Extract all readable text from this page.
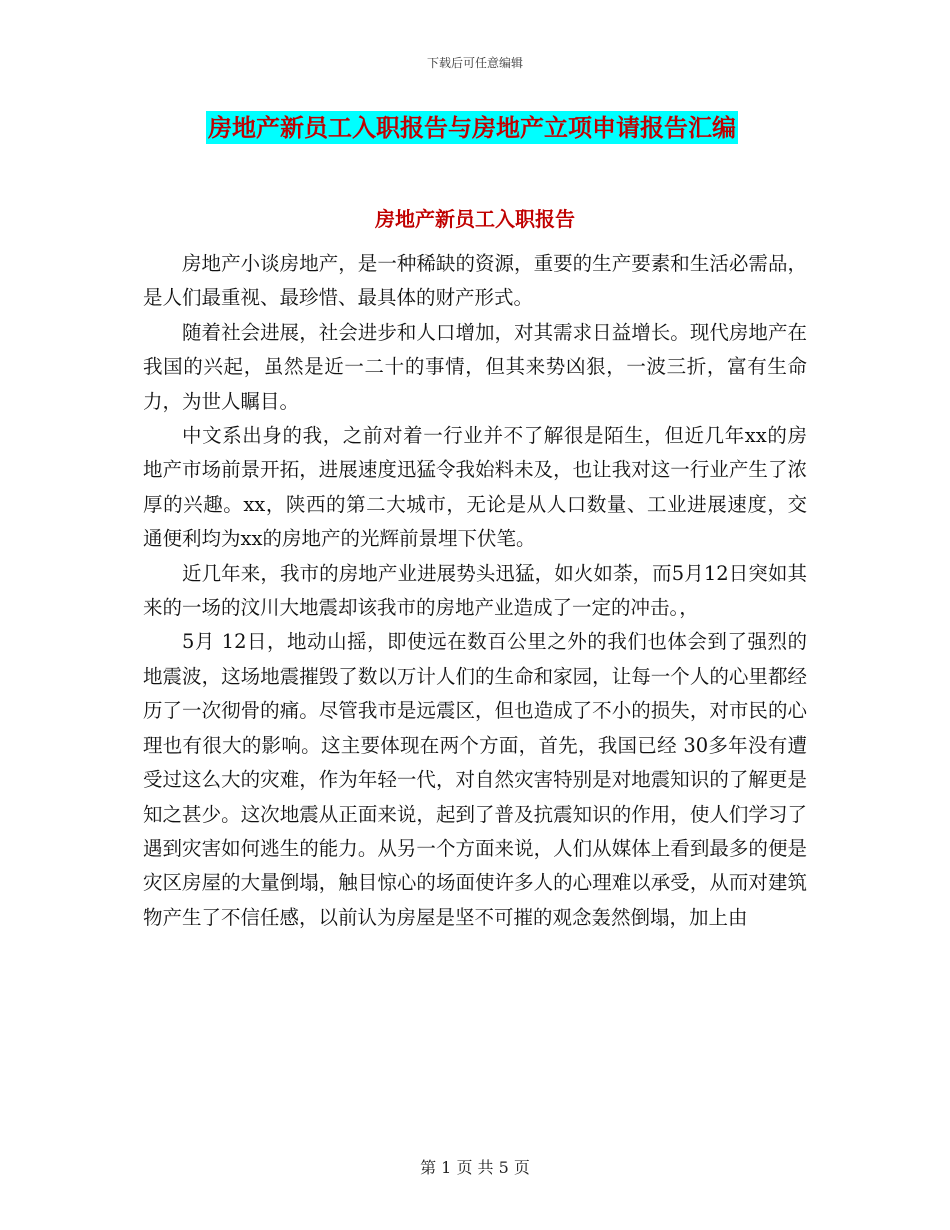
下载后可任意编辑
房地产新员工入职报告与房地产立项申请报告汇编
房地产新员工入职报告

房地产小谈房地产，是一种稀缺的资源，重要的生产要素和生活必需品，是人们最重视、最珍惜、最具体的财产形式。

随着社会进展，社会进步和人口增加，对其需求日益增长。现代房地产在我国的兴起，虽然是近一二十的事情，但其来势凶狠，一波三折，富有生命力，为世人瞩目。

中文系出身的我，之前对着一行业并不了解很是陌生，但近几年xx的房地产市场前景开拓，进展速度迅猛令我始料未及，也让我对这一行业产生了浓厚的兴趣。xx，陕西的第二大城市，无论是从人口数量、工业进展速度，交通便利均为xx的房地产的光辉前景埋下伏笔。

近几年来，我市的房地产业进展势头迅猛，如火如荼，而5月12日突如其来的一场的汶川大地震却该我市的房地产业造成了一定的冲击。，

5月 12日，地动山摇，即使远在数百公里之外的我们也体会到了强烈的地震波，这场地震摧毁了数以万计人们的生命和家园，让每一个人的心里都经历了一次彻骨的痛。尽管我市是远震区，但也造成了不小的损失，对市民的心理也有很大的影响。这主要体现在两个方面，首先，我国已经 30多年没有遭受过这么大的灾难，作为年轻一代，对自然灾害特别是对地震知识的了解更是知之甚少。这次地震从正面来说，起到了普及抗震知识的作用，使人们学习了遇到灾害如何逃生的能力。从另一个方面来说，人们从媒体上看到最多的便是灾区房屋的大量倒塌，触目惊心的场面使许多人的心理难以承受，从而对建筑物产生了不信任感，以前认为房屋是坚不可摧的观念轰然倒塌，加上由

第 1 页 共 5 页
